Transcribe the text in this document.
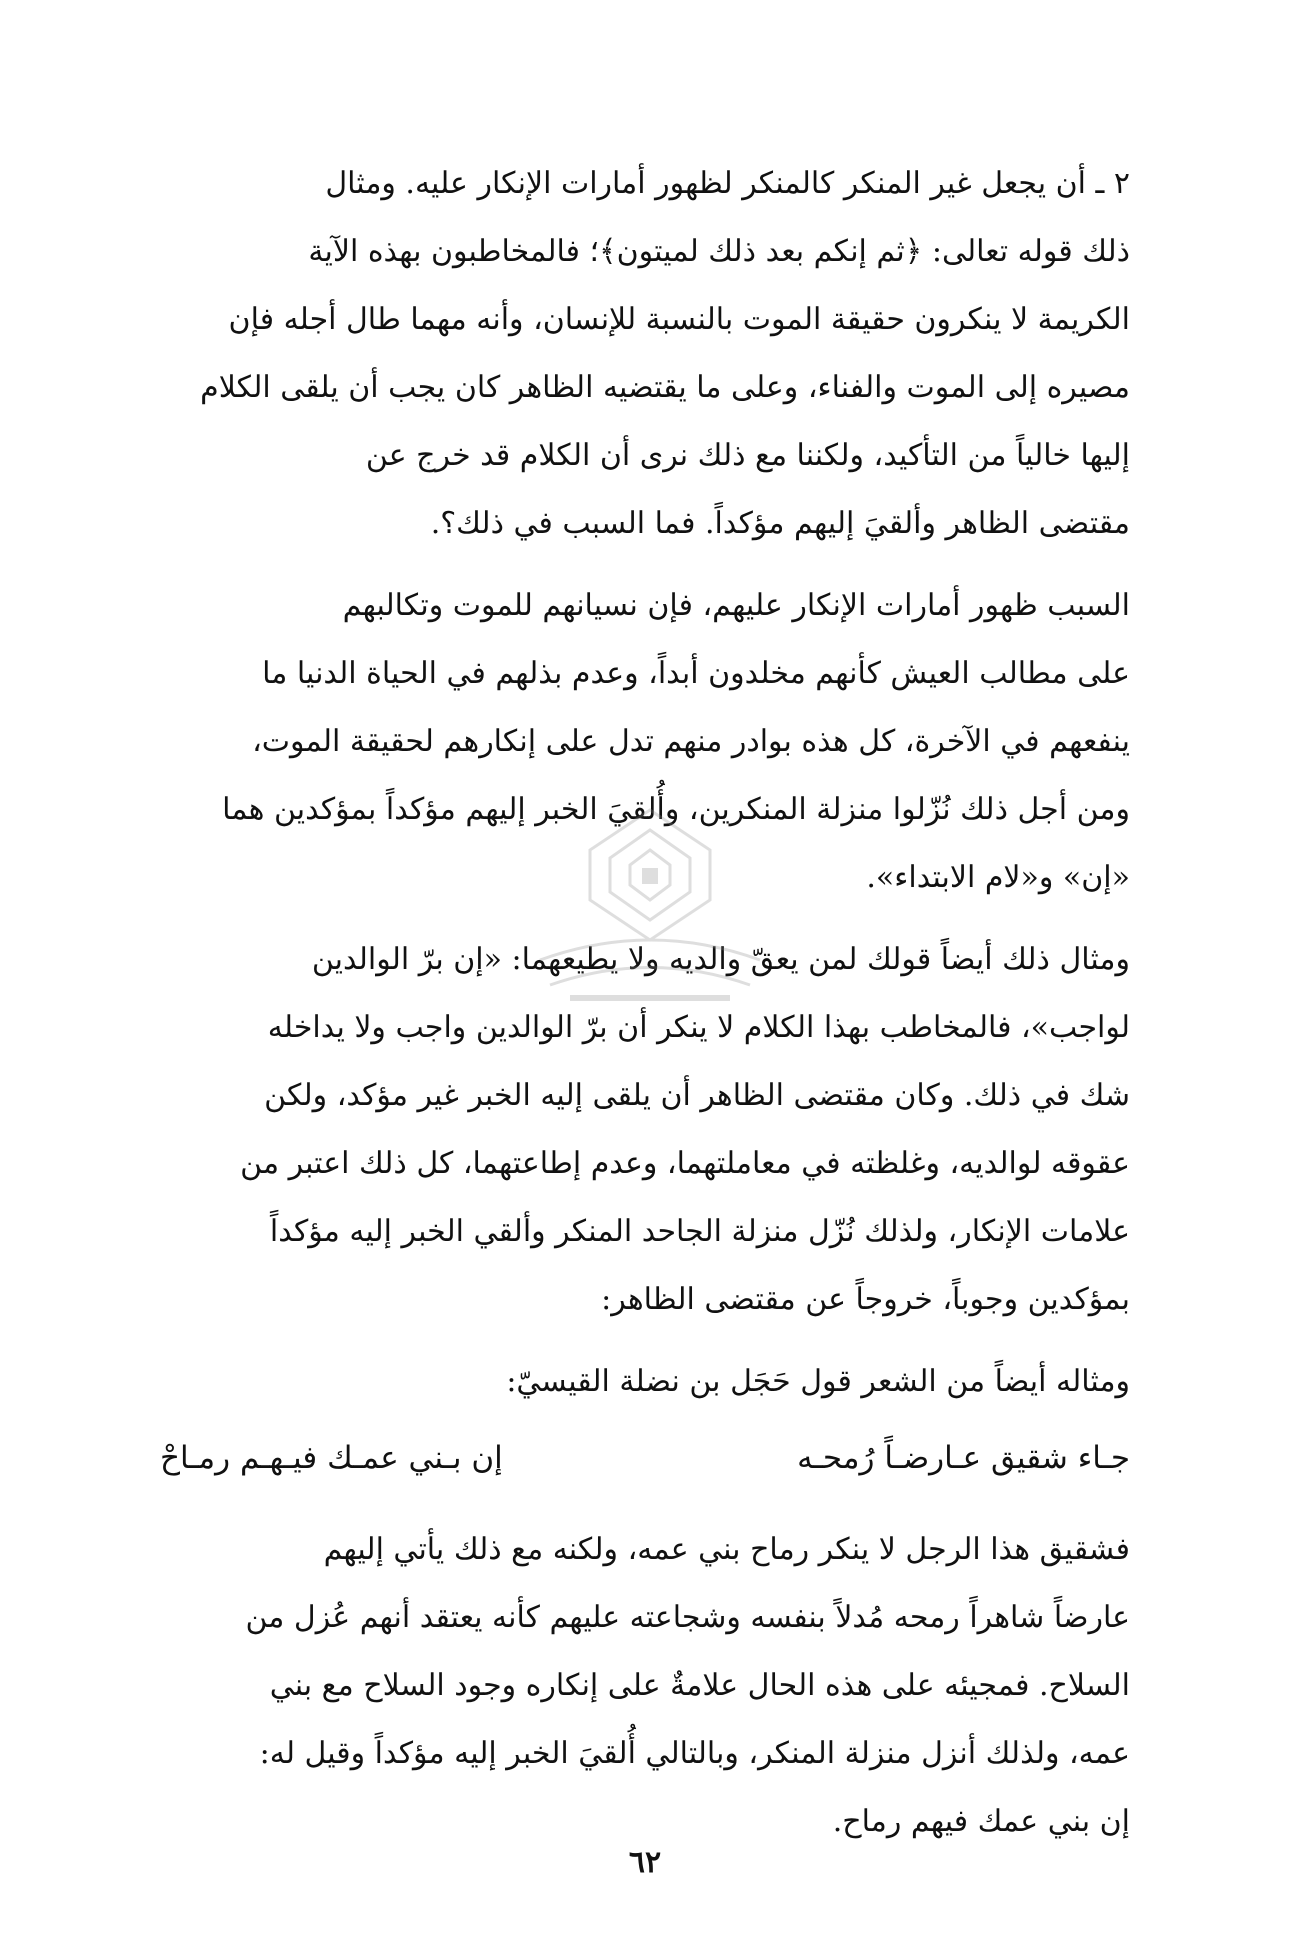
٢ ـ أن يجعل غير المنكر كالمنكر لظهور أمارات الإنكار عليه. ومثال
ذلك قوله تعالى: ﴿ثم إنكم بعد ذلك لميتون﴾؛ فالمخاطبون بهذه الآية
الكريمة لا ينكرون حقيقة الموت بالنسبة للإنسان، وأنه مهما طال أجله فإن
مصيره إلى الموت والفناء، وعلى ما يقتضيه الظاهر كان يجب أن يلقى الكلام
إليها خالياً من التأكيد، ولكننا مع ذلك نرى أن الكلام قد خرج عن
مقتضى الظاهر وألقيَ إليهم مؤكداً. فما السبب في ذلك؟.

السبب ظهور أمارات الإنكار عليهم، فإن نسيانهم للموت وتكالبهم
على مطالب العيش كأنهم مخلدون أبداً، وعدم بذلهم في الحياة الدنيا ما
ينفعهم في الآخرة، كل هذه بوادر منهم تدل على إنكارهم لحقيقة الموت،
ومن أجل ذلك نُزّلوا منزلة المنكرين، وأُلقيَ الخبر إليهم مؤكداً بمؤكدين هما
«إن» و«لام الابتداء».

ومثال ذلك أيضاً قولك لمن يعقّ والديه ولا يطيعهما: «إن برّ الوالدين
لواجب»، فالمخاطب بهذا الكلام لا ينكر أن برّ الوالدين واجب ولا يداخله
شك في ذلك. وكان مقتضى الظاهر أن يلقى إليه الخبر غير مؤكد، ولكن
عقوقه لوالديه، وغلظته في معاملتهما، وعدم إطاعتهما، كل ذلك اعتبر من
علامات الإنكار، ولذلك نُزّل منزلة الجاحد المنكر وألقي الخبر إليه مؤكداً
بمؤكدين وجوباً، خروجاً عن مقتضى الظاهر:

ومثاله أيضاً من الشعر قول حَجَل بن نضلة القيسيّ:

جـاء شقيق عـارضـاً رُمحـه
إن بـني عمـك فيـهـم رمـاحْ

فشقيق هذا الرجل لا ينكر رماح بني عمه، ولكنه مع ذلك يأتي إليهم
عارضاً شاهراً رمحه مُدلاً بنفسه وشجاعته عليهم كأنه يعتقد أنهم عُزل من
السلاح. فمجيئه على هذه الحال علامةٌ على إنكاره وجود السلاح مع بني
عمه، ولذلك أنزل منزلة المنكر، وبالتالي أُلقيَ الخبر إليه مؤكداً وقيل له:
إن بني عمك فيهم رماح.

٦٢
